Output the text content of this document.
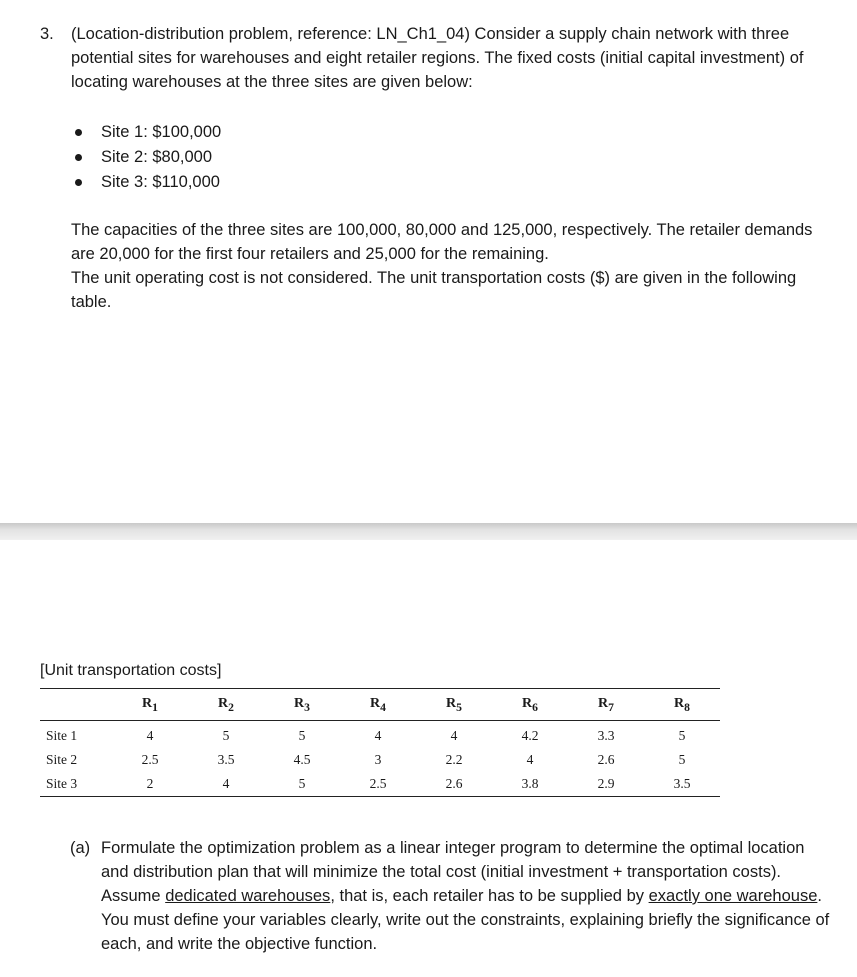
3. (Location-distribution problem, reference: LN_Ch1_04) Consider a supply chain network with three potential sites for warehouses and eight retailer regions. The fixed costs (initial capital investment) of locating warehouses at the three sites are given below:
Site 1: $100,000
Site 2: $80,000
Site 3: $110,000

The capacities of the three sites are 100,000, 80,000 and 125,000, respectively. The retailer demands are 20,000 for the first four retailers and 25,000 for the remaining.

The unit operating cost is not considered. The unit transportation costs ($) are given in the following table.

[Unit transportation costs]
	$R_1$	$R_2$	$R_3$	$R_4$	$R_5$	$R_6$	$R_7$	$R_8$
Site 1	4	5	5	4	4	4.2	3.3	5
Site 2	2.5	3.5	4.5	3	2.2	4	2.6	5
Site 3	2	4	5	2.5	2.6	3.8	2.9	3.5
(a) Formulate the optimization problem as a linear integer program to determine the optimal location and distribution plan that will minimize the total cost (initial investment + transportation costs). Assume dedicated warehouses, that is, each retailer has to be supplied by exactly one warehouse. You must define your variables clearly, write out the constraints, explaining briefly the significance of each, and write the objective function.
